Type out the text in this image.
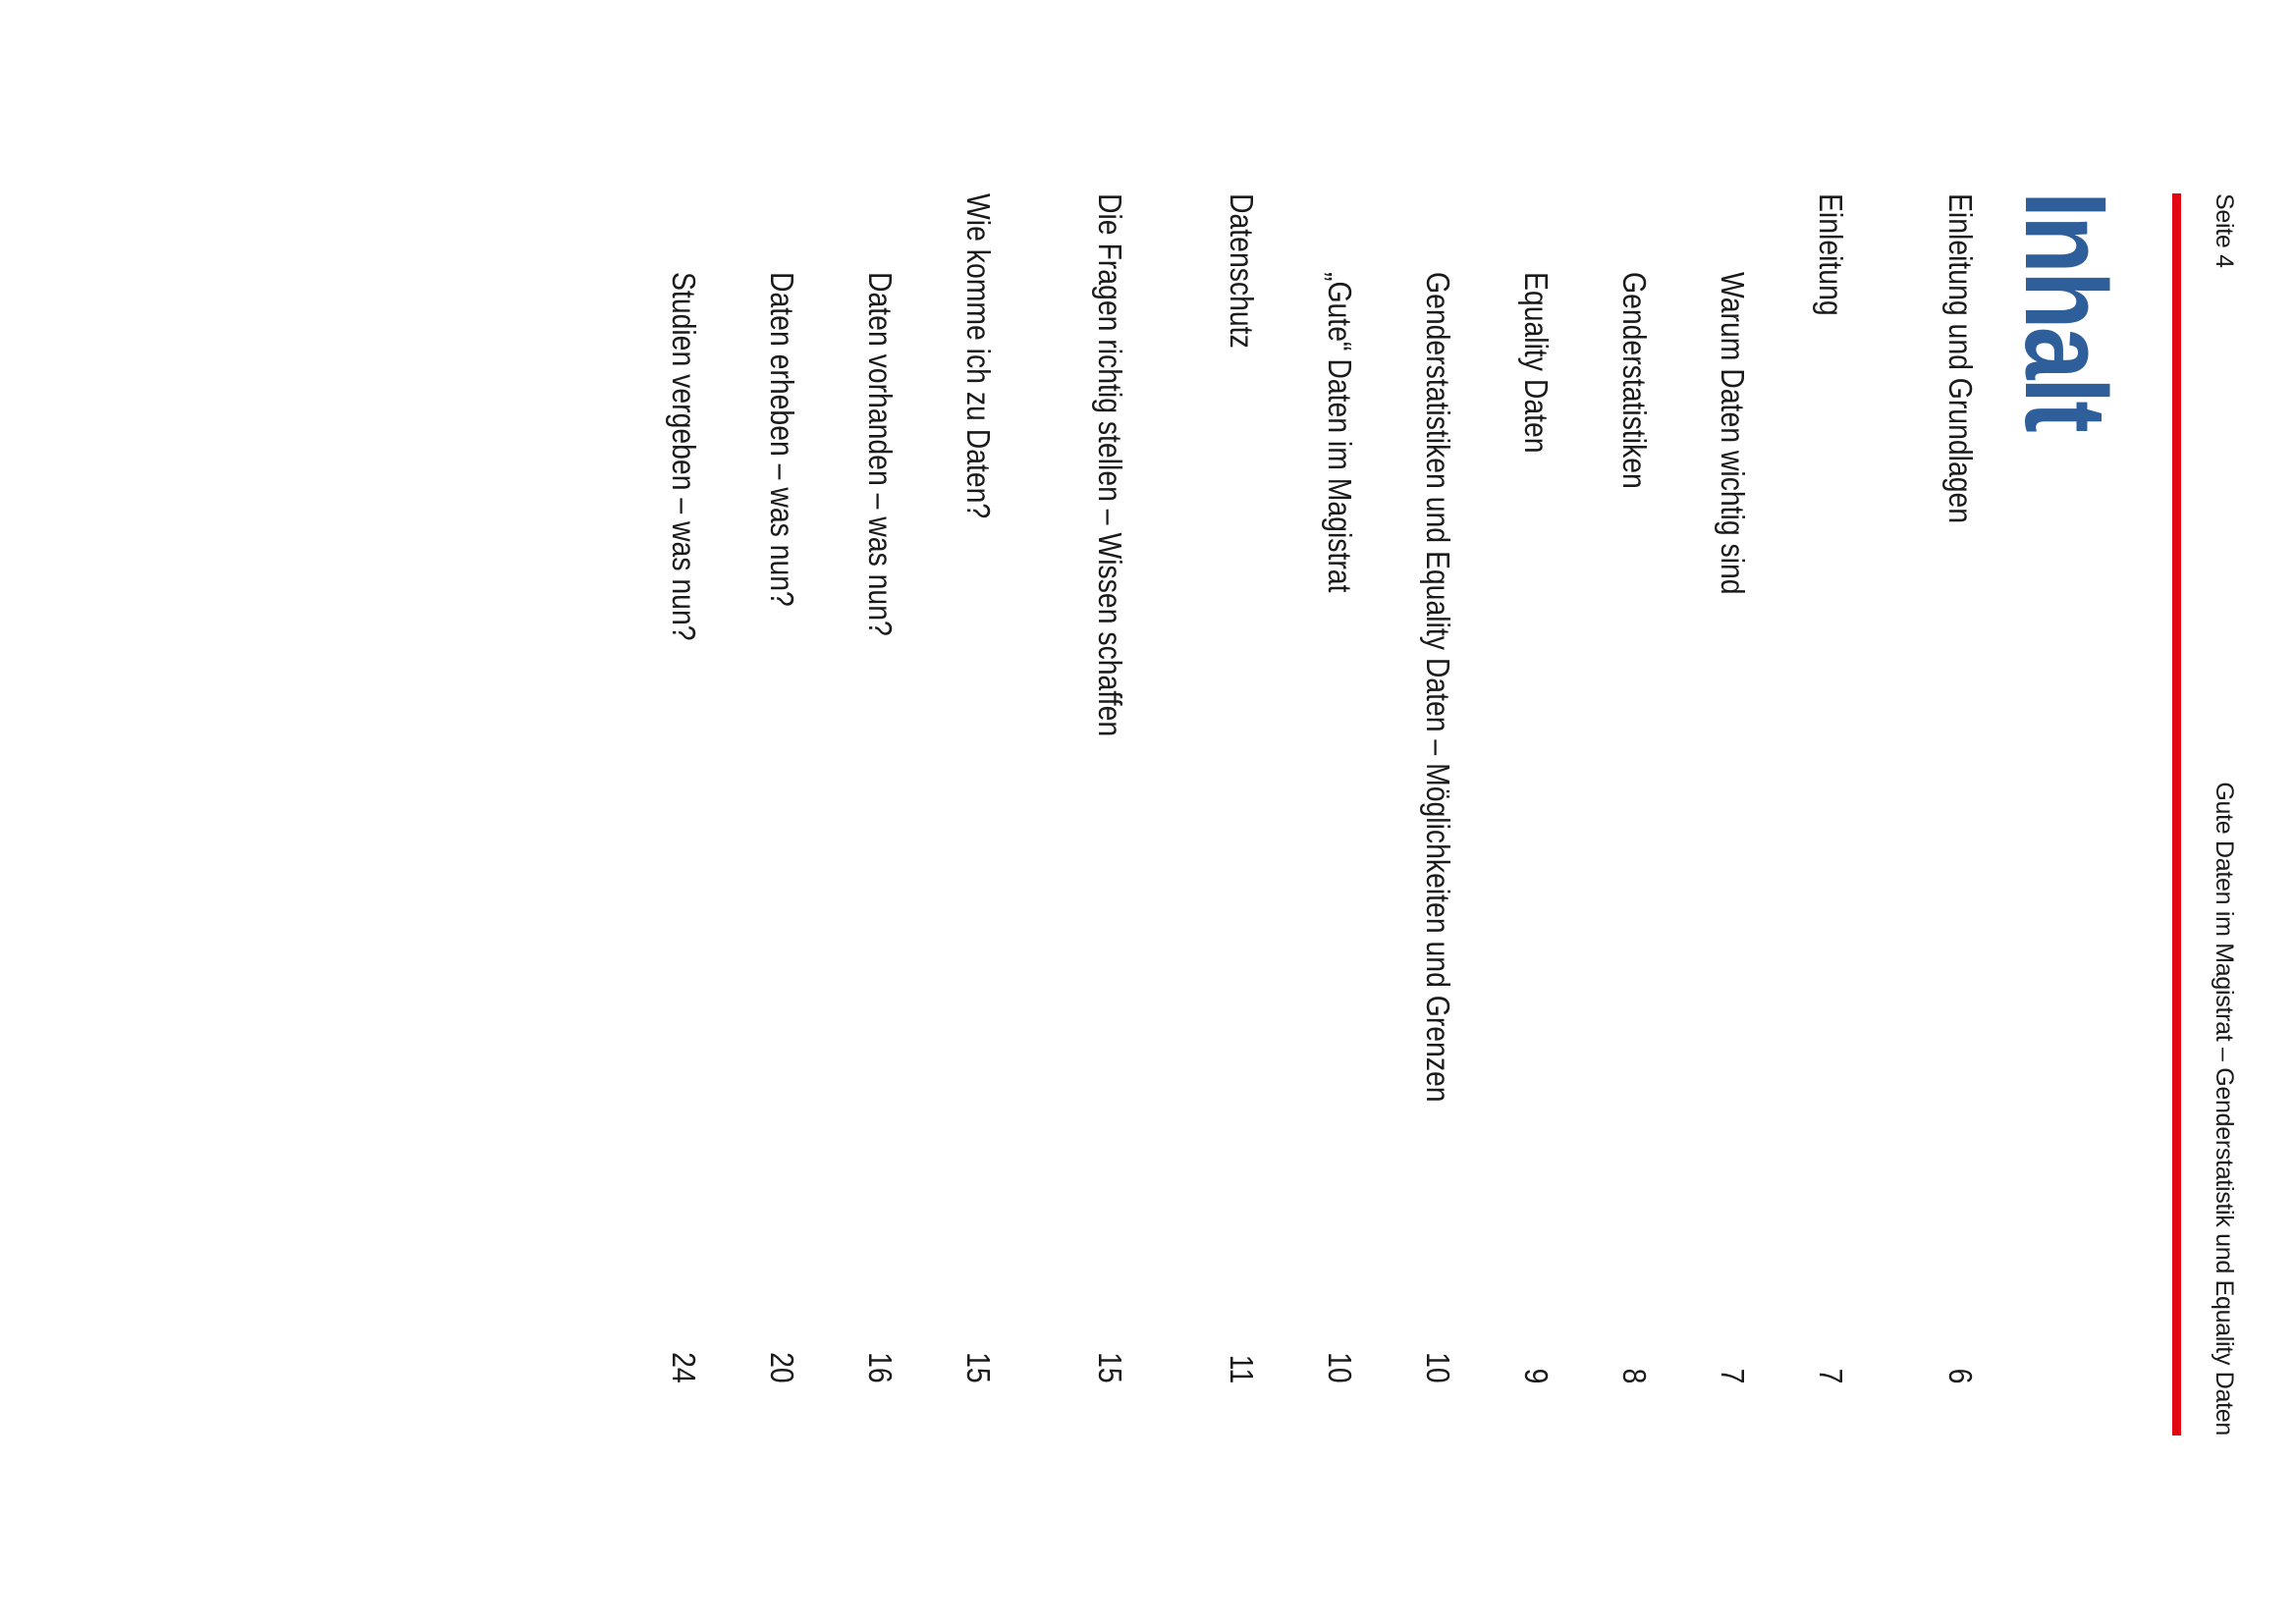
Seite 4
Gute Daten im Magistrat – Genderstatistik und Equality Daten
Inhalt
Einleitung und Grundlagen
6
Einleitung
7
Warum Daten wichtig sind
7
Genderstatistiken
8
Equality Daten
9
Genderstatistiken und Equality Daten – Möglichkeiten und Grenzen
10
„Gute“ Daten im Magistrat
10
Datenschutz
11
Die Fragen richtig stellen – Wissen schaffen
15
Wie komme ich zu Daten?
15
Daten vorhanden – was nun?
16
Daten erheben – was nun?
20
Studien vergeben – was nun?
24
